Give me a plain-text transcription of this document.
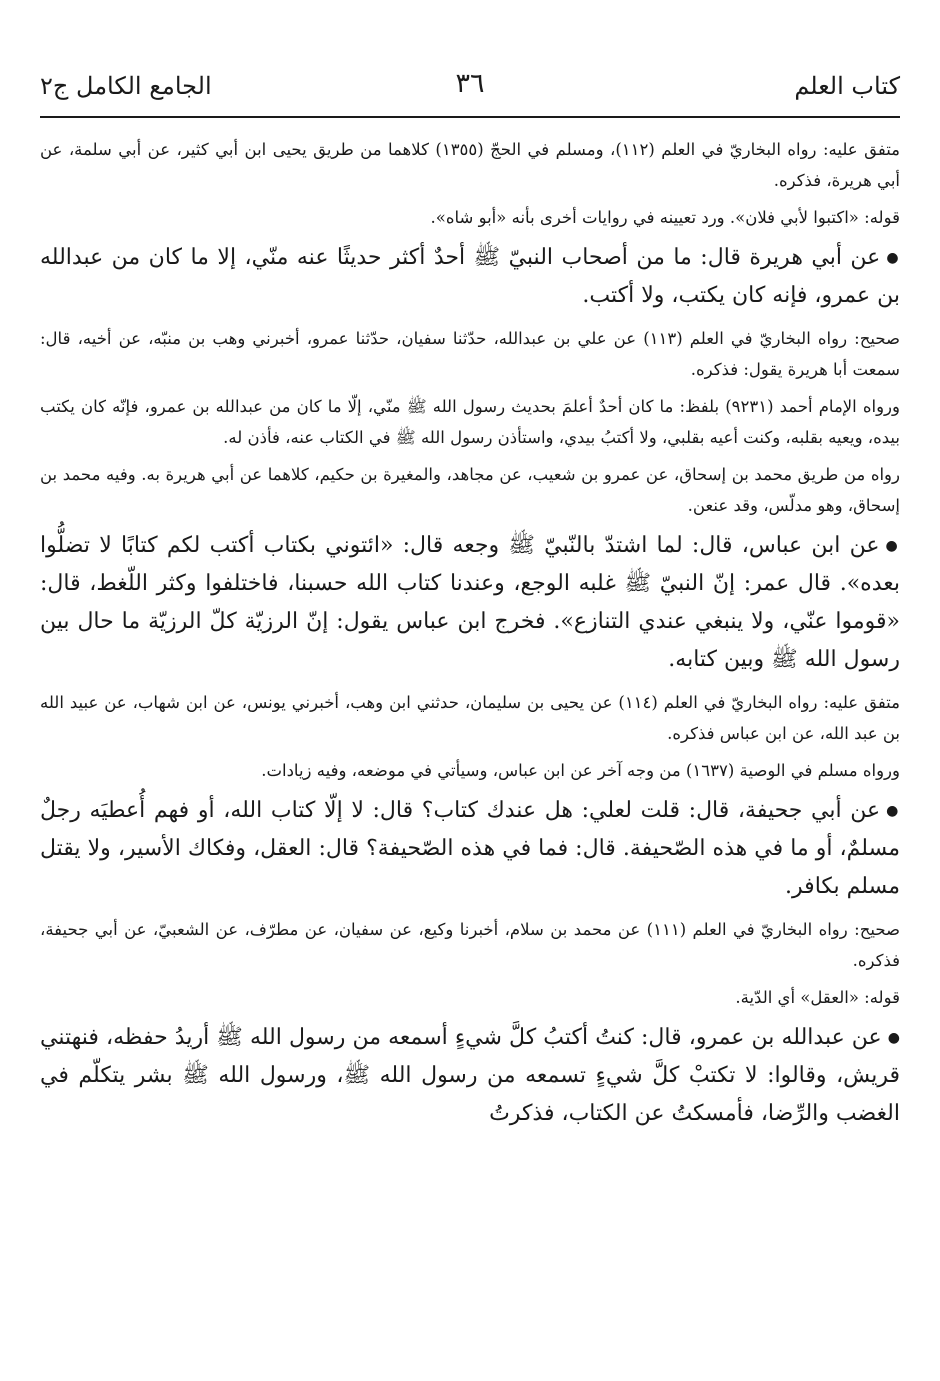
كتاب العلم
٣٦
الجامع الكامل ج٢

متفق عليه: رواه البخاريّ في العلم (١١٢)، ومسلم في الحجّ (١٣٥٥) كلاهما من طريق يحيى ابن أبي كثير، عن أبي سلمة، عن أبي هريرة، فذكره.

قوله: «اكتبوا لأبي فلان». ورد تعيينه في روايات أخرى بأنه «أبو شاه».

●عن أبي هريرة قال: ما من أصحاب النبيّ ﷺ أحدٌ أكثر حديثًا عنه منّي، إلا ما كان من عبدالله بن عمرو، فإنه كان يكتب، ولا أكتب.

صحيح: رواه البخاريّ في العلم (١١٣) عن علي بن عبدالله، حدّثنا سفيان، حدّثنا عمرو، أخبرني وهب بن منبّه، عن أخيه، قال: سمعت أبا هريرة يقول: فذكره.

ورواه الإمام أحمد (٩٢٣١) بلفظ: ما كان أحدٌ أعلمَ بحديث رسول الله ﷺ منّي، إلّا ما كان من عبدالله بن عمرو، فإنّه كان يكتب بيده، ويعيه بقلبه، وكنت أعيه بقلبي، ولا أكتبُ بيدي، واستأذن رسول الله ﷺ في الكتاب عنه، فأذن له.

رواه من طريق محمد بن إسحاق، عن عمرو بن شعيب، عن مجاهد، والمغيرة بن حكيم، كلاهما عن أبي هريرة به. وفيه محمد بن إسحاق، وهو مدلّس، وقد عنعن.

●عن ابن عباس، قال: لما اشتدّ بالنّبيّ ﷺ وجعه قال: «ائتوني بكتاب أكتب لكم كتابًا لا تضلُّوا بعده». قال عمر: إنّ النبيّ ﷺ غلبه الوجع، وعندنا كتاب الله حسبنا، فاختلفوا وكثر اللّغط، قال: «قوموا عنّي، ولا ينبغي عندي التنازع». فخرج ابن عباس يقول: إنّ الرزيّة كلّ الرزيّة ما حال بين رسول الله ﷺ وبين كتابه.

متفق عليه: رواه البخاريّ في العلم (١١٤) عن يحيى بن سليمان، حدثني ابن وهب، أخبرني يونس، عن ابن شهاب، عن عبيد الله بن عبد الله، عن ابن عباس فذكره.

ورواه مسلم في الوصية (١٦٣٧) من وجه آخر عن ابن عباس، وسيأتي في موضعه، وفيه زيادات.

●عن أبي جحيفة، قال: قلت لعلي: هل عندك كتاب؟ قال: لا إلّا كتاب الله، أو فهم أُعطيَه رجلٌ مسلمٌ، أو ما في هذه الصّحيفة. قال: فما في هذه الصّحيفة؟ قال: العقل، وفكاك الأسير، ولا يقتل مسلم بكافر.

صحيح: رواه البخاريّ في العلم (١١١) عن محمد بن سلام، أخبرنا وكيع، عن سفيان، عن مطرّف، عن الشعبيّ، عن أبي جحيفة، فذكره.

قوله: «العقل» أي الدّية.

●عن عبدالله بن عمرو، قال: كنتُ أكتبُ كلَّ شيءٍ أسمعه من رسول الله ﷺ أريدُ حفظه، فنهتني قريش، وقالوا: لا تكتبْ كلَّ شيءٍ تسمعه من رسول الله ﷺ، ورسول الله ﷺ بشر يتكلّم في الغضب والرِّضا، فأمسكتُ عن الكتاب، فذكرتُ
